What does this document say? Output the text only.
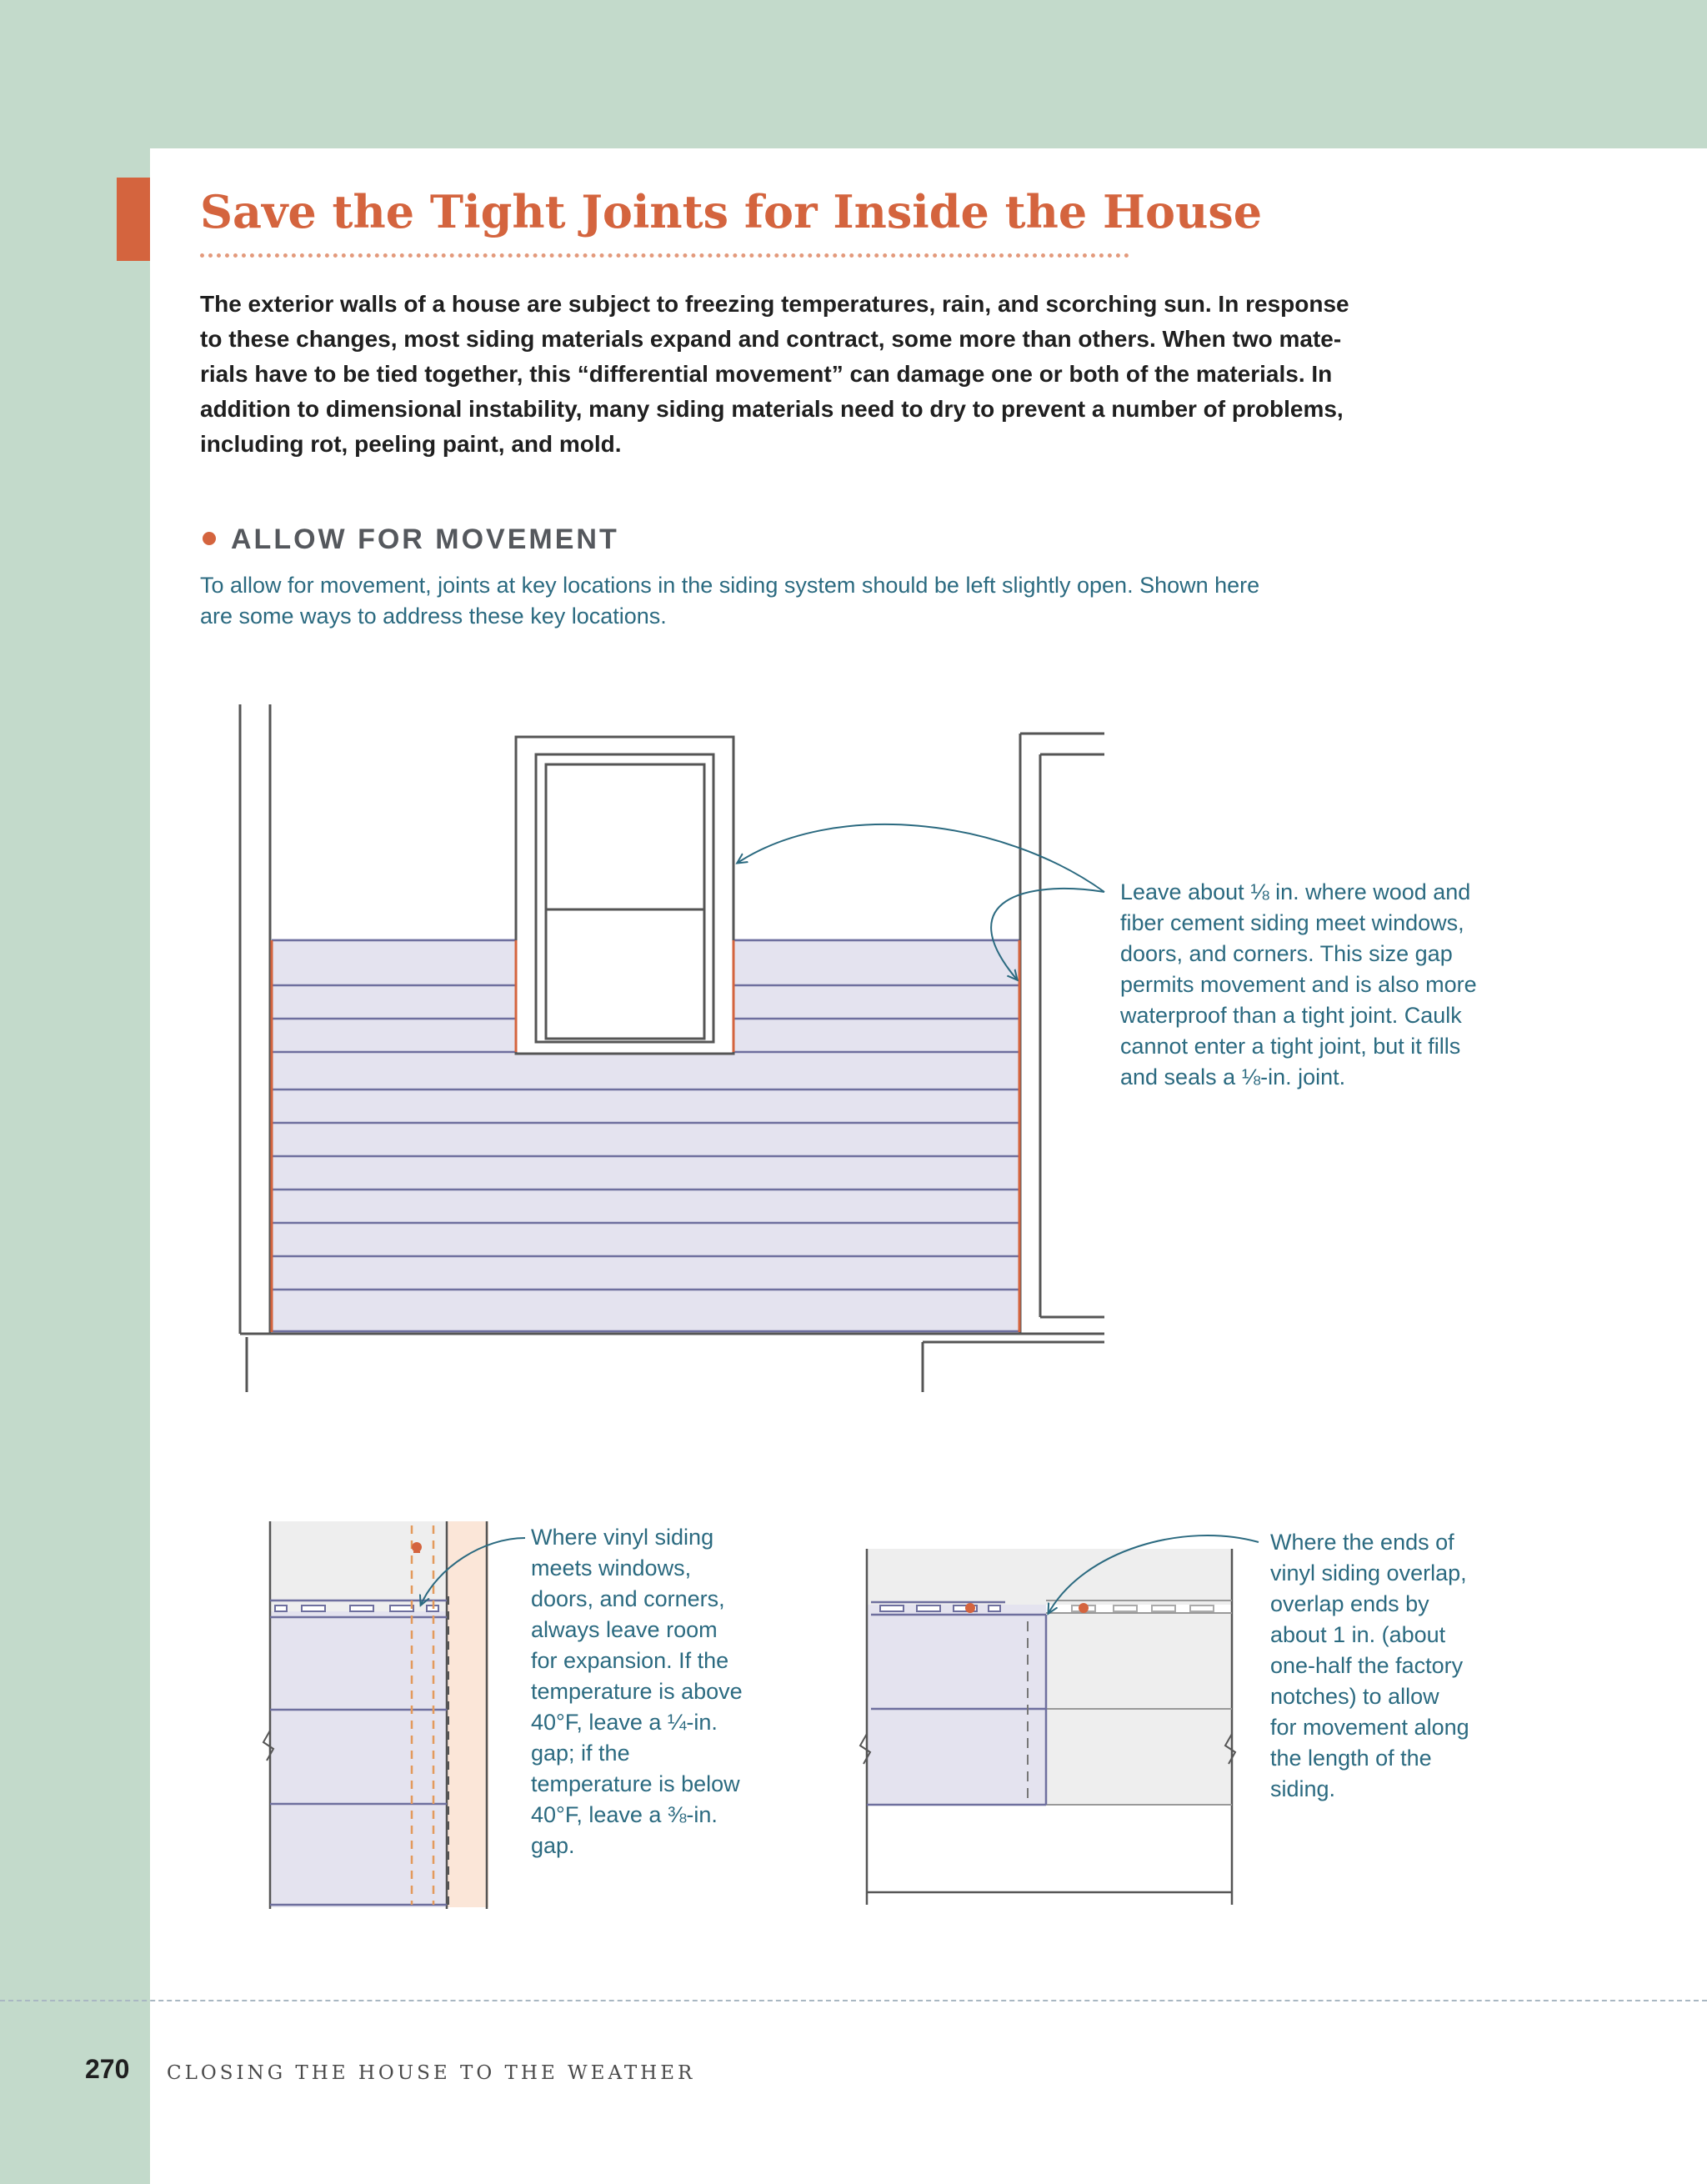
Save the Tight Joints for Inside the House

The exterior walls of a house are subject to freezing temperatures, rain, and scorching sun. In response to these changes, most siding materials expand and contract, some more than others. When two mate-rials have to be tied together, this “differential movement” can damage one or both of the materials. In addition to dimensional instability, many siding materials need to dry to prevent a number of problems, including rot, peeling paint, and mold.

ALLOW FOR MOVEMENT

To allow for movement, joints at key locations in the siding system should be left slightly open. Shown here are some ways to address these key locations.

Leave about ⅛ in. where wood and fiber cement siding meet windows, doors, and corners. This size gap permits movement and is also more waterproof than a tight joint. Caulk cannot enter a tight joint, but it fills and seals a ⅛-in. joint.

Where vinyl siding meets windows, doors, and corners, always leave room for expansion. If the temperature is above 40°F, leave a ¼-in. gap; if the temperature is below 40°F, leave a ⅜-in. gap.

Where the ends of vinyl siding overlap, overlap ends by about 1 in. (about one-half the factory notches) to allow for movement along the length of the siding.

270 CLOSING THE HOUSE TO THE WEATHER
